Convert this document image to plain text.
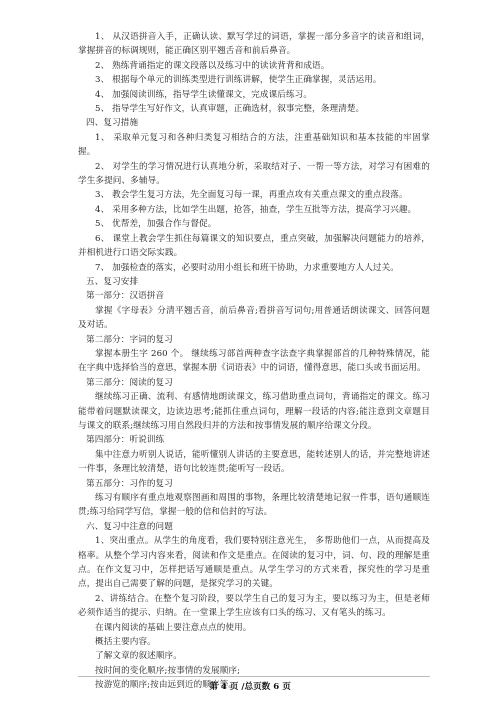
1、 从汉语拼音入手，正确认读、默写学过的词语，掌握一部分多音字的读音和组词，掌握拼音的标调规则，能正确区别平翘舌音和前后鼻音。

2、 熟练背诵指定的课文段落以及练习中的读读背背和成语。

3、 根据每个单元的训练类型进行训练讲解，使学生正确掌握，灵活运用。

4、 加强阅读训练，指导学生读懂课文，完成课后练习。

5、 指导学生写好作文，认真审题，正确选材，叙事完整，条理清楚。

四、复习措施

1、 采取单元复习和各种归类复习相结合的方法，注重基础知识和基本技能的牢固掌握。

2、 对学生的学习情况进行认真地分析，采取结对子、一帮一等方法，对学习有困难的学生多提问、多辅导。

3、 教会学生复习方法，先全面复习每一课，再重点攻有关重点课文的重点段落。

4、 采用多种方法，比如学生出题，抢答，抽查，学生互批等方法，提高学习兴趣。

5、 优帮差，加强合作与督促。

6、 课堂上教会学生抓住每篇课文的知识要点，重点突破，加强解决问题能力的培养，并相机进行口语交际实践。

7、 加强检查的落实，必要时动用小组长和班干协助，力求重要地方人人过关。

五、复习安排

第一部分：汉语拼音

掌握《字母表》分清平翘舌音，前后鼻音;看拼音写词句;用普通话朗读课文、回答问题及对话。

第二部分：字词的复习

掌握本册生字 260 个。 继续练习部首两种查字法查字典掌握部首的几种特殊情况，能在字典中选择恰当的意思，掌握本册《词语表》中的词语，懂得意思，能口头或书面运用。

第三部分：阅读的复习

继续练习正确、流利、有感情地朗读课文，练习借助重点词句，背诵指定的课文。练习能带着问题默读课文，边读边思考;能抓住重点词句，理解一段话的内容;能注意到文章题目与课文的联系;继续练习用自然段归并的方法和按事情发展的顺序给课文分段。

第四部分：听说训练

集中注意力听别人说话，能听懂别人讲话的主要意思，能转述别人的话，并完整地讲述一件事，条理比较清楚，语句比较连贯;能听写一段话。

第五部分：习作的复习

练习有顺序有重点地观察图画和周围的事物，条理比较清楚地记叙一件事，语句通顺连贯;练习给同学写信，掌握一般的信和信封的写法。

六、复习中注意的问题

1、突出重点。从学生的角度看，我们要特别注意光生， 多帮助他们一点，从而提高及格率。从整个学习内容来看，阅读和作文是重点。在阅读的复习中，词、句、段的理解是重点。在作文复习中，怎样把话写通顺是重点。从学生学习的方式来看，探究性的学习是重点，提出自己需要了解的问题，是探究学习的关键。

2、讲练结合。在整个复习阶段，要以学生自己的复习为主，要以练习为主，但是老师必须作适当的提示、归纳。在一堂课上学生应该有口头的练习、又有笔头的练习。

在课内阅读的基础上要注意点点的使用。

概括主要内容。

了解文章的叙述顺序。

按时间的变化顺序;按事情的发展顺序;

按游览的顺序;按由远到近的顺序等。

第 4 页 /总页数 6 页
